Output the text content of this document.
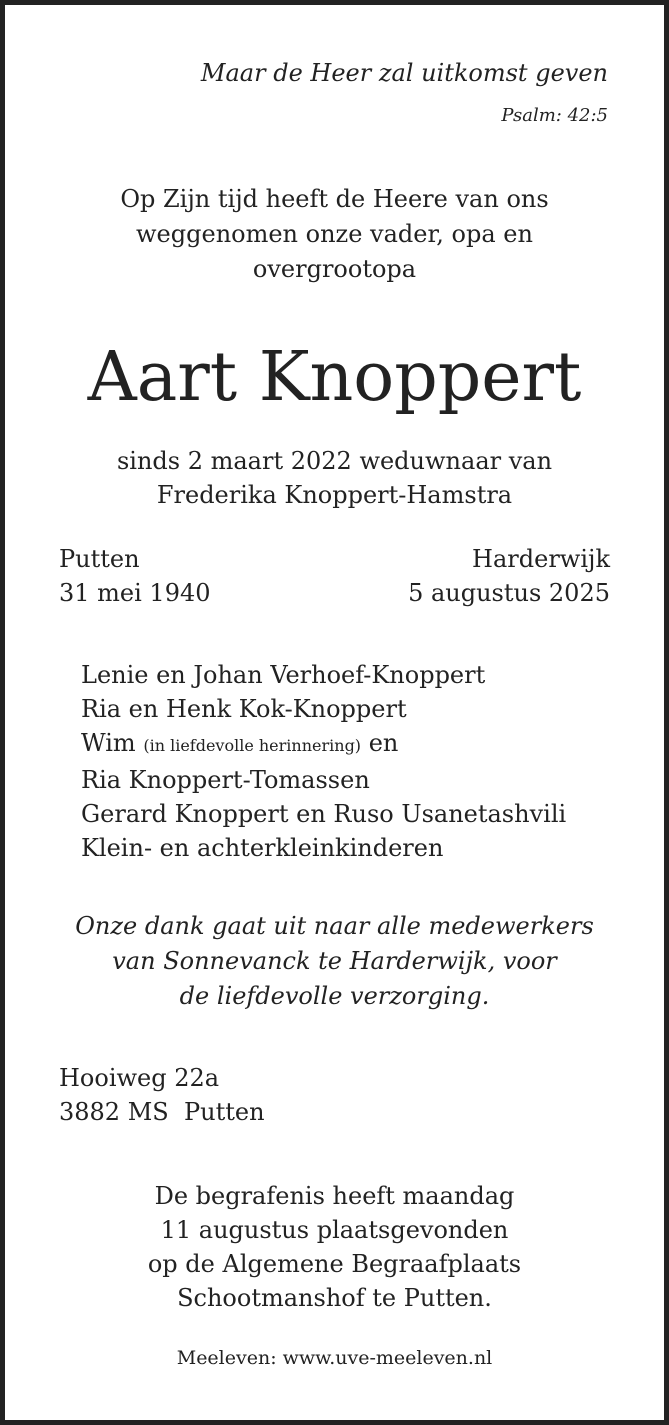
Maar de Heer zal uitkomst geven
Psalm: 42:5
Op Zijn tijd heeft de Heere van ons
weggenomen onze vader, opa en
overgrootopa
Aart Knoppert
sinds 2 maart 2022 weduwnaar van
Frederika Knoppert-Hamstra
Putten
31 mei 1940
Harderwijk
5 augustus 2025
Lenie en Johan Verhoef-Knoppert
Ria en Henk Kok-Knoppert
Wim (in liefdevolle herinnering) en
Ria Knoppert-Tomassen
Gerard Knoppert en Ruso Usanetashvili
Klein- en achterkleinkinderen
Onze dank gaat uit naar alle medewerkers
van Sonnevanck te Harderwijk, voor
de liefdevolle verzorging.
Hooiweg 22a
3882 MS  Putten
De begrafenis heeft maandag
11 augustus plaatsgevonden
op de Algemene Begraafplaats
Schootmanshof te Putten.
Meeleven: www.uve-meeleven.nl
